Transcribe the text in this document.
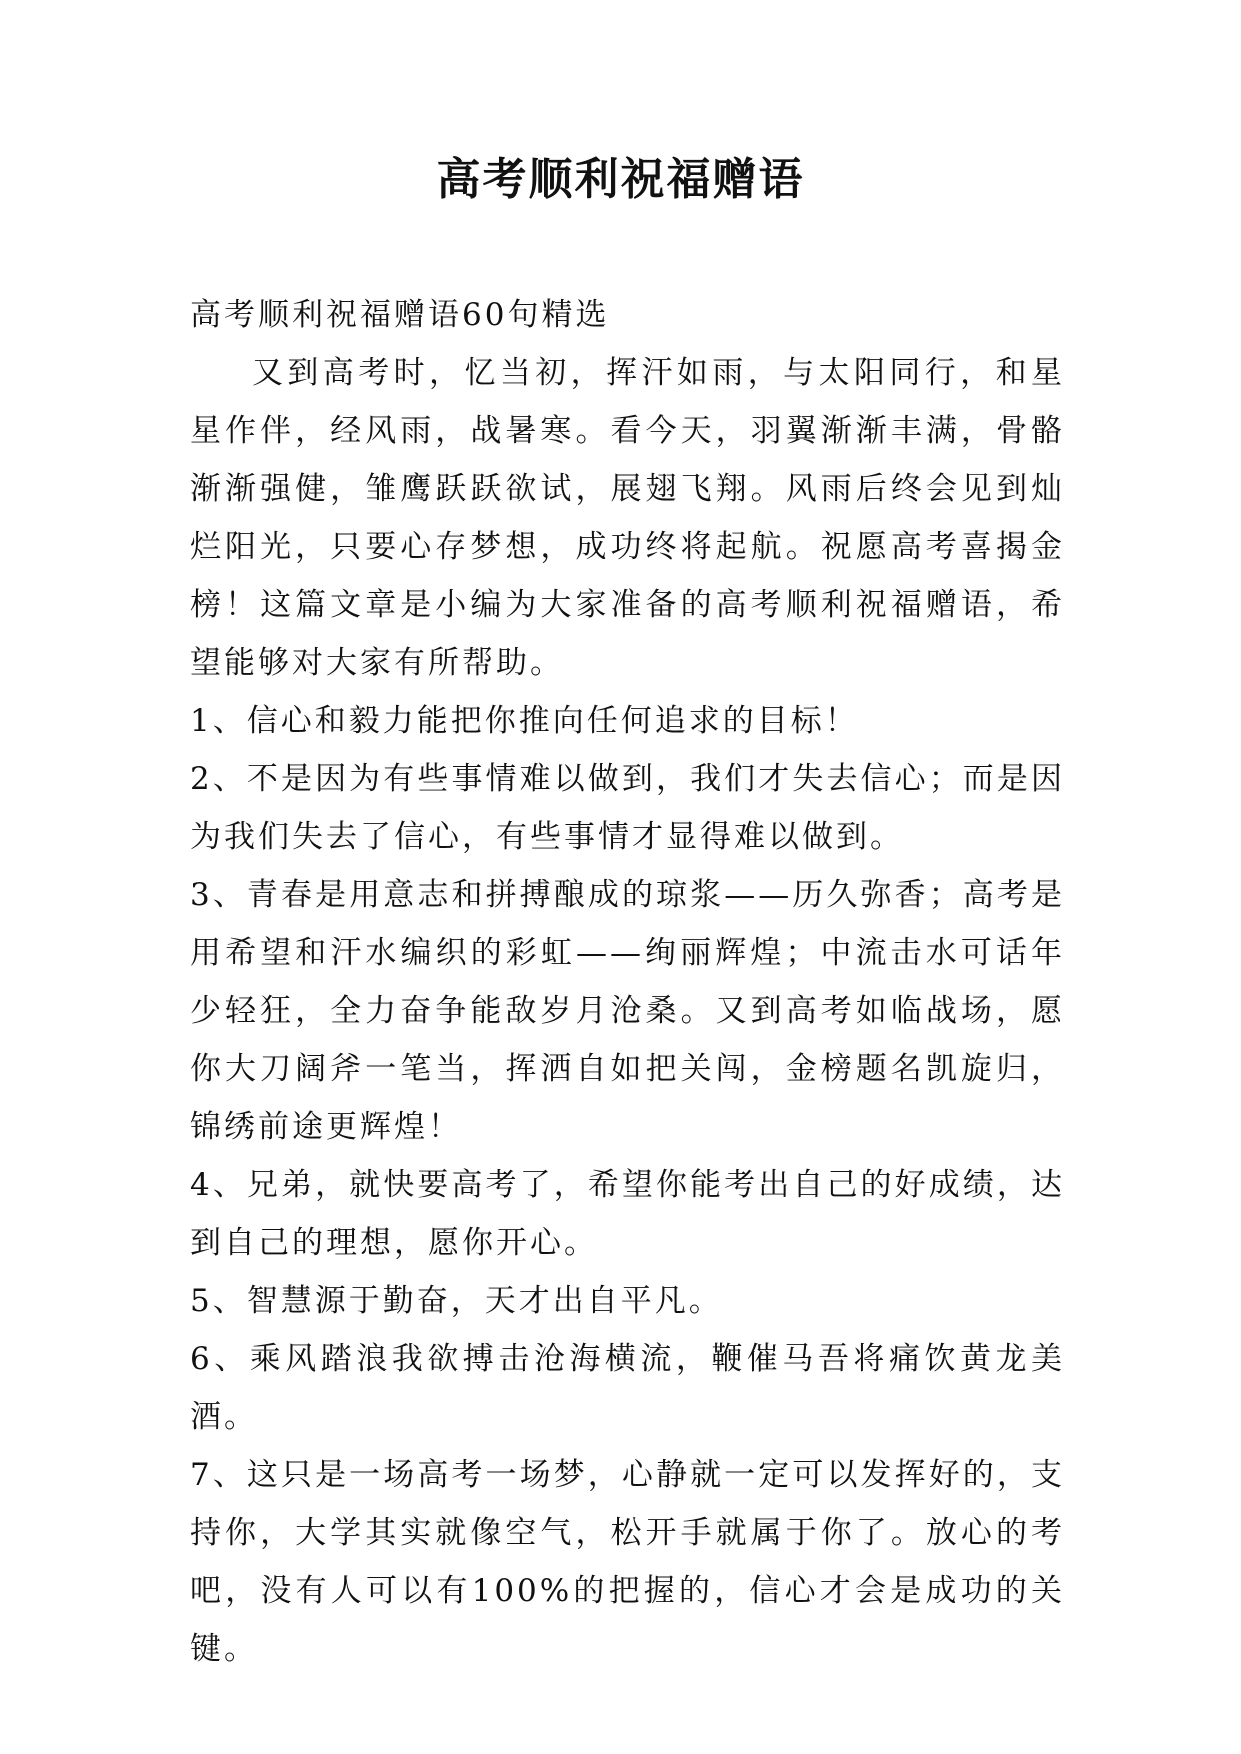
高考顺利祝福赠语

高考顺利祝福赠语60句精选

又到高考时，忆当初，挥汗如雨，与太阳同行，和星星作伴，经风雨，战暑寒。看今天，羽翼渐渐丰满，骨骼渐渐强健，雏鹰跃跃欲试，展翅飞翔。风雨后终会见到灿烂阳光，只要心存梦想，成功终将起航。祝愿高考喜揭金榜！这篇文章是小编为大家准备的高考顺利祝福赠语，希望能够对大家有所帮助。

1、信心和毅力能把你推向任何追求的目标！

2、不是因为有些事情难以做到，我们才失去信心；而是因为我们失去了信心，有些事情才显得难以做到。

3、青春是用意志和拼搏酿成的琼浆——历久弥香；高考是用希望和汗水编织的彩虹——绚丽辉煌；中流击水可话年少轻狂，全力奋争能敌岁月沧桑。又到高考如临战场，愿你大刀阔斧一笔当，挥洒自如把关闯，金榜题名凯旋归，锦绣前途更辉煌！

4、兄弟，就快要高考了，希望你能考出自己的好成绩，达到自己的理想，愿你开心。

5、智慧源于勤奋，天才出自平凡。

6、乘风踏浪我欲搏击沧海横流，鞭催马吾将痛饮黄龙美酒。

7、这只是一场高考一场梦，心静就一定可以发挥好的，支持你，大学其实就像空气，松开手就属于你了。放心的考吧，没有人可以有100%的把握的，信心才会是成功的关键。
